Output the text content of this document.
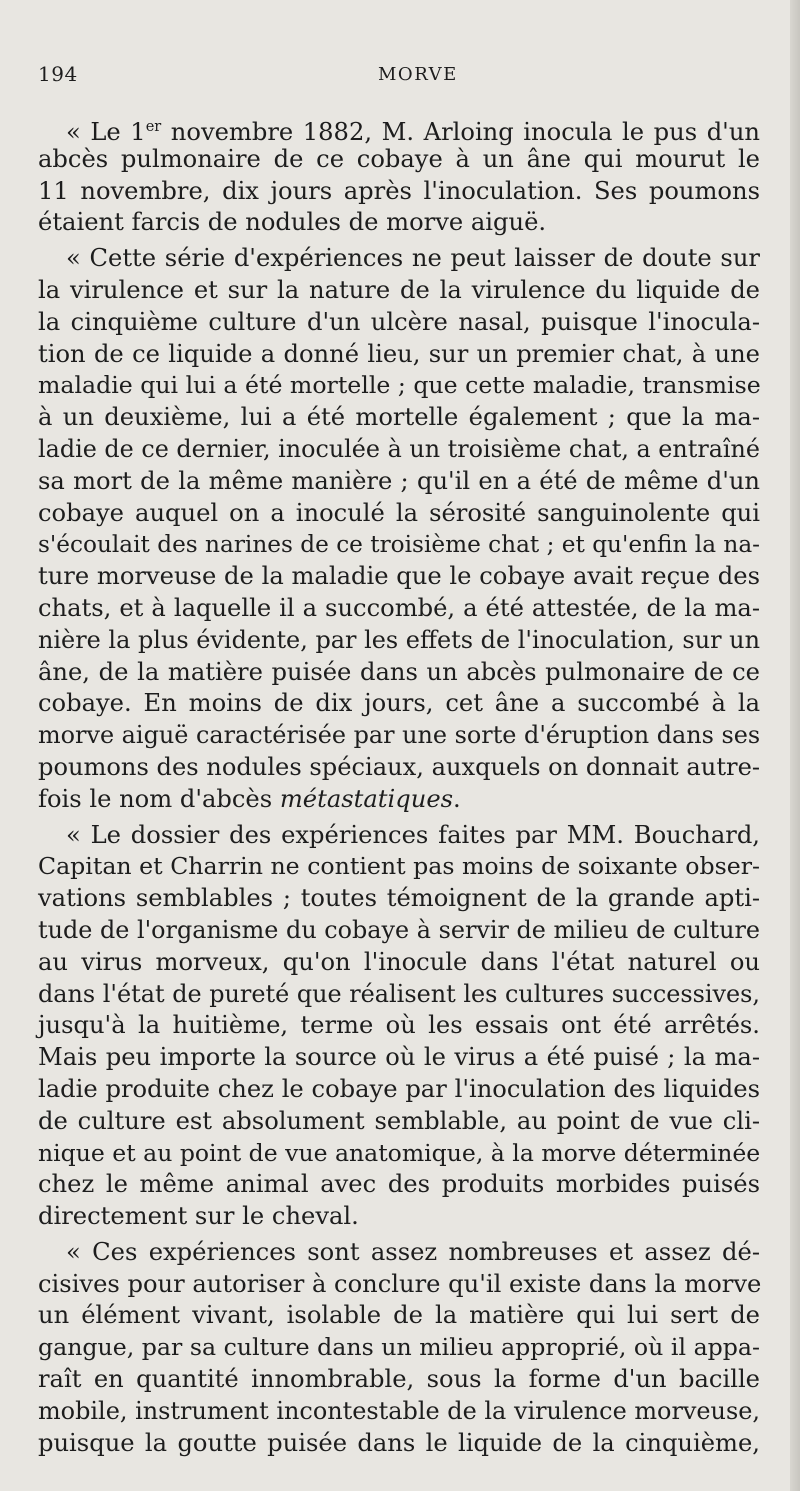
194	MORVE
« Le 1er novembre 1882, M. Arloing inocula le pus d'un
abcès pulmonaire de ce cobaye à un âne qui mourut le
11 novembre, dix jours après l'inoculation. Ses poumons
étaient farcis de nodules de morve aiguë.
« Cette série d'expériences ne peut laisser de doute sur
la virulence et sur la nature de la virulence du liquide de
la cinquième culture d'un ulcère nasal, puisque l'inocula-
tion de ce liquide a donné lieu, sur un premier chat, à une
maladie qui lui a été mortelle ; que cette maladie, transmise
à un deuxième, lui a été mortelle également ; que la ma-
ladie de ce dernier, inoculée à un troisième chat, a entraîné
sa mort de la même manière ; qu'il en a été de même d'un
cobaye auquel on a inoculé la sérosité sanguinolente qui
s'écoulait des narines de ce troisième chat ; et qu'enfin la na-
ture morveuse de la maladie que le cobaye avait reçue des
chats, et à laquelle il a succombé, a été attestée, de la ma-
nière la plus évidente, par les effets de l'inoculation, sur un
âne, de la matière puisée dans un abcès pulmonaire de ce
cobaye. En moins de dix jours, cet âne a succombé à la
morve aiguë caractérisée par une sorte d'éruption dans ses
poumons des nodules spéciaux, auxquels on donnait autre-
fois le nom d'abcès métastatiques.
« Le dossier des expériences faites par MM. Bouchard,
Capitan et Charrin ne contient pas moins de soixante obser-
vations semblables ; toutes témoignent de la grande apti-
tude de l'organisme du cobaye à servir de milieu de culture
au virus morveux, qu'on l'inocule dans l'état naturel ou
dans l'état de pureté que réalisent les cultures successives,
jusqu'à la huitième, terme où les essais ont été arrêtés.
Mais peu importe la source où le virus a été puisé ; la ma-
ladie produite chez le cobaye par l'inoculation des liquides
de culture est absolument semblable, au point de vue cli-
nique et au point de vue anatomique, à la morve déterminée
chez le même animal avec des produits morbides puisés
directement sur le cheval.
« Ces expériences sont assez nombreuses et assez dé-
cisives pour autoriser à conclure qu'il existe dans la morve
un élément vivant, isolable de la matière qui lui sert de
gangue, par sa culture dans un milieu approprié, où il appa-
raît en quantité innombrable, sous la forme d'un bacille
mobile, instrument incontestable de la virulence morveuse,
puisque la goutte puisée dans le liquide de la cinquième,
